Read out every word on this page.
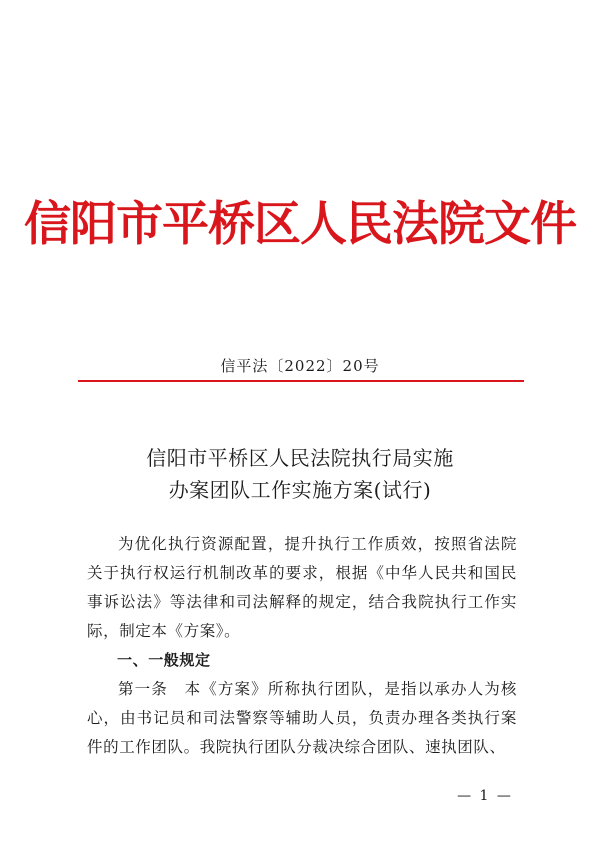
信阳市平桥区人民法院文件
信平法〔2022〕20号
信阳市平桥区人民法院执行局实施
办案团队工作实施方案(试行)

为优化执行资源配置，提升执行工作质效，按照省法院关于执行权运行机制改革的要求，根据《中华人民共和国民事诉讼法》等法律和司法解释的规定，结合我院执行工作实际，制定本《方案》。

一、一般规定

第一条　本《方案》所称执行团队，是指以承办人为核心，由书记员和司法警察等辅助人员，负责办理各类执行案件的工作团队。我院执行团队分裁决综合团队、速执团队、

— 1 —
